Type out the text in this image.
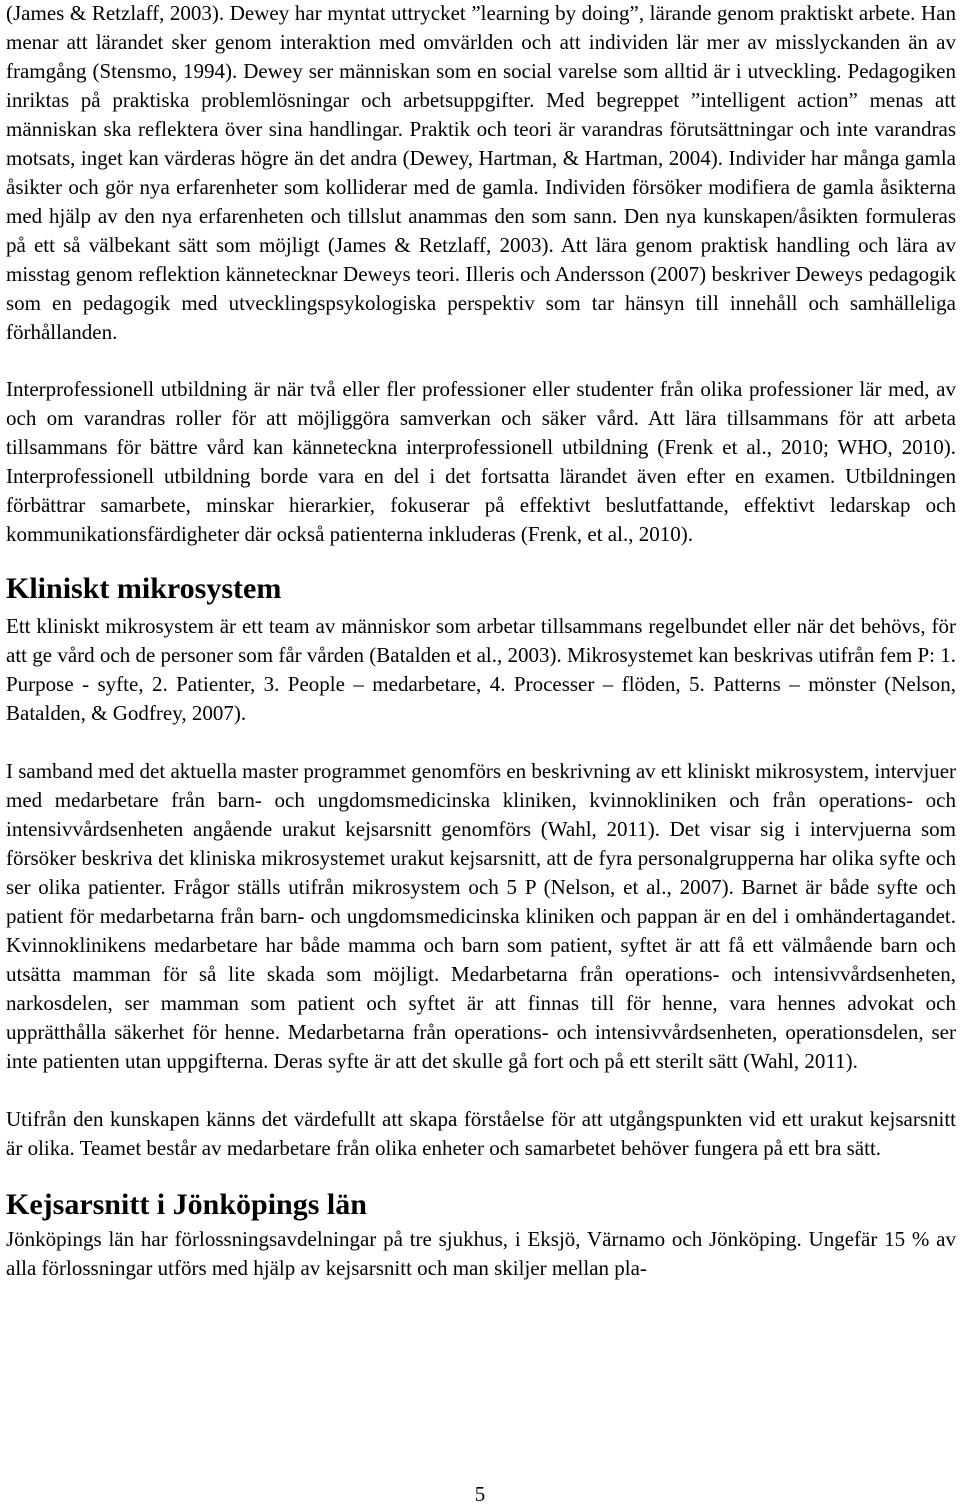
(James & Retzlaff, 2003). Dewey har myntat uttrycket ”learning by doing”, lärande genom praktiskt arbete. Han menar att lärandet sker genom interaktion med omvärlden och att individen lär mer av misslyckanden än av framgång (Stensmo, 1994). Dewey ser människan som en social varelse som alltid är i utveckling. Pedagogiken inriktas på praktiska problemlösningar och arbetsuppgifter. Med begreppet ”intelligent action” menas att människan ska reflektera över sina handlingar. Praktik och teori är varandras förutsättningar och inte varandras motsats, inget kan värderas högre än det andra (Dewey, Hartman, & Hartman, 2004). Individer har många gamla åsikter och gör nya erfarenheter som kolliderar med de gamla. Individen försöker modifiera de gamla åsikterna med hjälp av den nya erfarenheten och tillslut anammas den som sann. Den nya kunskapen/åsikten formuleras på ett så välbekant sätt som möjligt (James & Retzlaff, 2003). Att lära genom praktisk handling och lära av misstag genom reflektion kännetecknar Deweys teori. Illeris och Andersson (2007) beskriver Deweys pedagogik som en pedagogik med utvecklingspsykologiska perspektiv som tar hänsyn till innehåll och samhälleliga förhållanden.

Interprofessionell utbildning är när två eller fler professioner eller studenter från olika professioner lär med, av och om varandras roller för att möjliggöra samverkan och säker vård. Att lära tillsammans för att arbeta tillsammans för bättre vård kan känneteckna interprofessionell utbildning (Frenk et al., 2010; WHO, 2010). Interprofessionell utbildning borde vara en del i det fortsatta lärandet även efter en examen. Utbildningen förbättrar samarbete, minskar hierarkier, fokuserar på effektivt beslutfattande, effektivt ledarskap och kommunikationsfärdigheter där också patienterna inkluderas (Frenk, et al., 2010).

Kliniskt mikrosystem

Ett kliniskt mikrosystem är ett team av människor som arbetar tillsammans regelbundet eller när det behövs, för att ge vård och de personer som får vården (Batalden et al., 2003). Mikrosystemet kan beskrivas utifrån fem P: 1. Purpose - syfte, 2. Patienter, 3. People – medarbetare, 4. Processer – flöden, 5. Patterns – mönster (Nelson, Batalden, & Godfrey, 2007).

I samband med det aktuella master programmet genomförs en beskrivning av ett kliniskt mikrosystem, intervjuer med medarbetare från barn- och ungdomsmedicinska kliniken, kvinnokliniken och från operations- och intensivvårdsenheten angående urakut kejsarsnitt genomförs (Wahl, 2011). Det visar sig i intervjuerna som försöker beskriva det kliniska mikrosystemet urakut kejsarsnitt, att de fyra personalgrupperna har olika syfte och ser olika patienter. Frågor ställs utifrån mikrosystem och 5 P (Nelson, et al., 2007). Barnet är både syfte och patient för medarbetarna från barn- och ungdomsmedicinska kliniken och pappan är en del i omhändertagandet. Kvinnoklinikens medarbetare har både mamma och barn som patient, syftet är att få ett välmående barn och utsätta mamman för så lite skada som möjligt. Medarbetarna från operations- och intensivvårdsenheten, narkosdelen, ser mamman som patient och syftet är att finnas till för henne, vara hennes advokat och upprätthålla säkerhet för henne. Medarbetarna från operations- och intensivvårdsenheten, operationsdelen, ser inte patienten utan uppgifterna. Deras syfte är att det skulle gå fort och på ett sterilt sätt (Wahl, 2011).

Utifrån den kunskapen känns det värdefullt att skapa förståelse för att utgångspunkten vid ett urakut kejsarsnitt är olika. Teamet består av medarbetare från olika enheter och samarbetet behöver fungera på ett bra sätt.

Kejsarsnitt i Jönköpings län

Jönköpings län har förlossningsavdelningar på tre sjukhus, i Eksjö, Värnamo och Jönköping. Ungefär 15 % av alla förlossningar utförs med hjälp av kejsarsnitt och man skiljer mellan pla-

5
